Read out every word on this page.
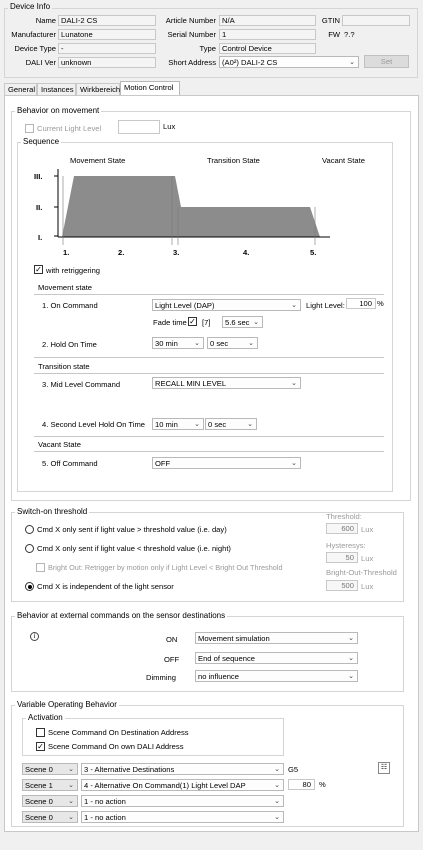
Device Info
Name DALI-2 CS
Manufacturer Lunatone
Device Type -
DALI Ver unknown
Article Number N/A
Serial Number 1
Type Control Device
Short Address (A0²) DALI-2 CS	⌄
GTIN
FW ?.?
Set
General Instances Wirkbereich Motion Control
Behavior on movement
Current Light Level	Lux
Sequence
Movement State	Transition State	Vacant State
III.
II.
I.
1.	2.	3.	4.	5.
✓ with retriggering
Movement state
1. On Command	Light Level (DAP)	⌄ Light Level:	100 %
Fade time ✓ [7]	5.6 sec ⌄
2. Hold On Time	30 min ⌄	0 sec	⌄
Transition state
3. Mid Level Command	RECALL MIN LEVEL	⌄
4. Second Level Hold On Time	10 min ⌄	0 sec	⌄
Vacant State
5. Off Command	OFF	⌄
Switch-on threshold
Cmd X only sent if light value > threshold value (i.e. day)
Cmd X only sent if light value < threshold value (i.e. night)
Bright Out: Retrigger by motion only if Light Level < Bright Out Threshold
Cmd X is independent of the light sensor
Threshold:
600 Lux
Hysteresys:
50 Lux
Bright-Out-Threshold
500 Lux
Behavior at external commands on the sensor destinations
i	ON	Movement simulation	⌄
OFF	End of sequence	⌄
Dimming	no influence	⌄
Variable Operating Behavior
Activation
Scene Command On Destination Address
✓ Scene Command On own DALI Address
Scene 0 ⌄	3 - Alternative Destinations	⌄ G5	☷
Scene 1 ⌄	4 - Alternative On Command(1) Light Level DAP	⌄	80	%
Scene 0 ⌄	1 - no action	⌄
Scene 0 ⌄	1 - no action	⌄
